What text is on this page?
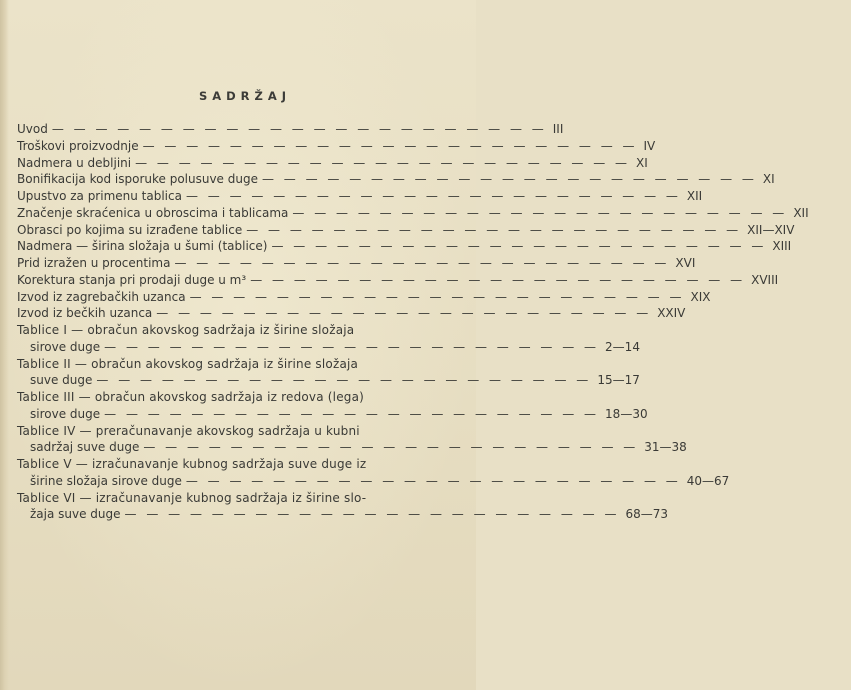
SADRŽAJ
Uvod — — — — — — — — — — — — — — — — — — — — — — — III
Troškovi proizvodnje — — — — — — — — — — — — — — — — — — — — — — — IV
Nadmera u debljini — — — — — — — — — — — — — — — — — — — — — — — XI
Bonifikacija kod isporuke polusuve duge — — — — — — — — — — — — — — — — — — — — — — — XI
Upustvo za primenu tablica — — — — — — — — — — — — — — — — — — — — — — — XII
Značenje skraćenica u obroscima i tablicama — — — — — — — — — — — — — — — — — — — — — — — XII
Obrasci po kojima su izrađene tablice — — — — — — — — — — — — — — — — — — — — — — — XII—XIV
Nadmera — širina složaja u šumi (tablice) — — — — — — — — — — — — — — — — — — — — — — — XIII
Prid izražen u procentima — — — — — — — — — — — — — — — — — — — — — — — XVI
Korektura stanja pri prodaji duge u m³ — — — — — — — — — — — — — — — — — — — — — — — XVIII
Izvod iz zagrebačkih uzanca — — — — — — — — — — — — — — — — — — — — — — — XIX
Izvod iz bečkih uzanca — — — — — — — — — — — — — — — — — — — — — — — XXIV
Tablice I — obračun akovskog sadržaja iz širine složaja
sirove duge — — — — — — — — — — — — — — — — — — — — — — — 2—14
Tablice II — obračun akovskog sadržaja iz širine složaja
suve duge — — — — — — — — — — — — — — — — — — — — — — — 15—17
Tablice III — obračun akovskog sadržaja iz redova (lega)
sirove duge — — — — — — — — — — — — — — — — — — — — — — — 18—30
Tablice IV — preračunavanje akovskog sadržaja u kubni
sadržaj suve duge — — — — — — — — — — — — — — — — — — — — — — — 31—38
Tablice V — izračunavanje kubnog sadržaja suve duge iz
širine složaja sirove duge — — — — — — — — — — — — — — — — — — — — — — — 40—67
Tablice VI — izračunavanje kubnog sadržaja iz širine slo-
žaja suve duge — — — — — — — — — — — — — — — — — — — — — — — 68—73
